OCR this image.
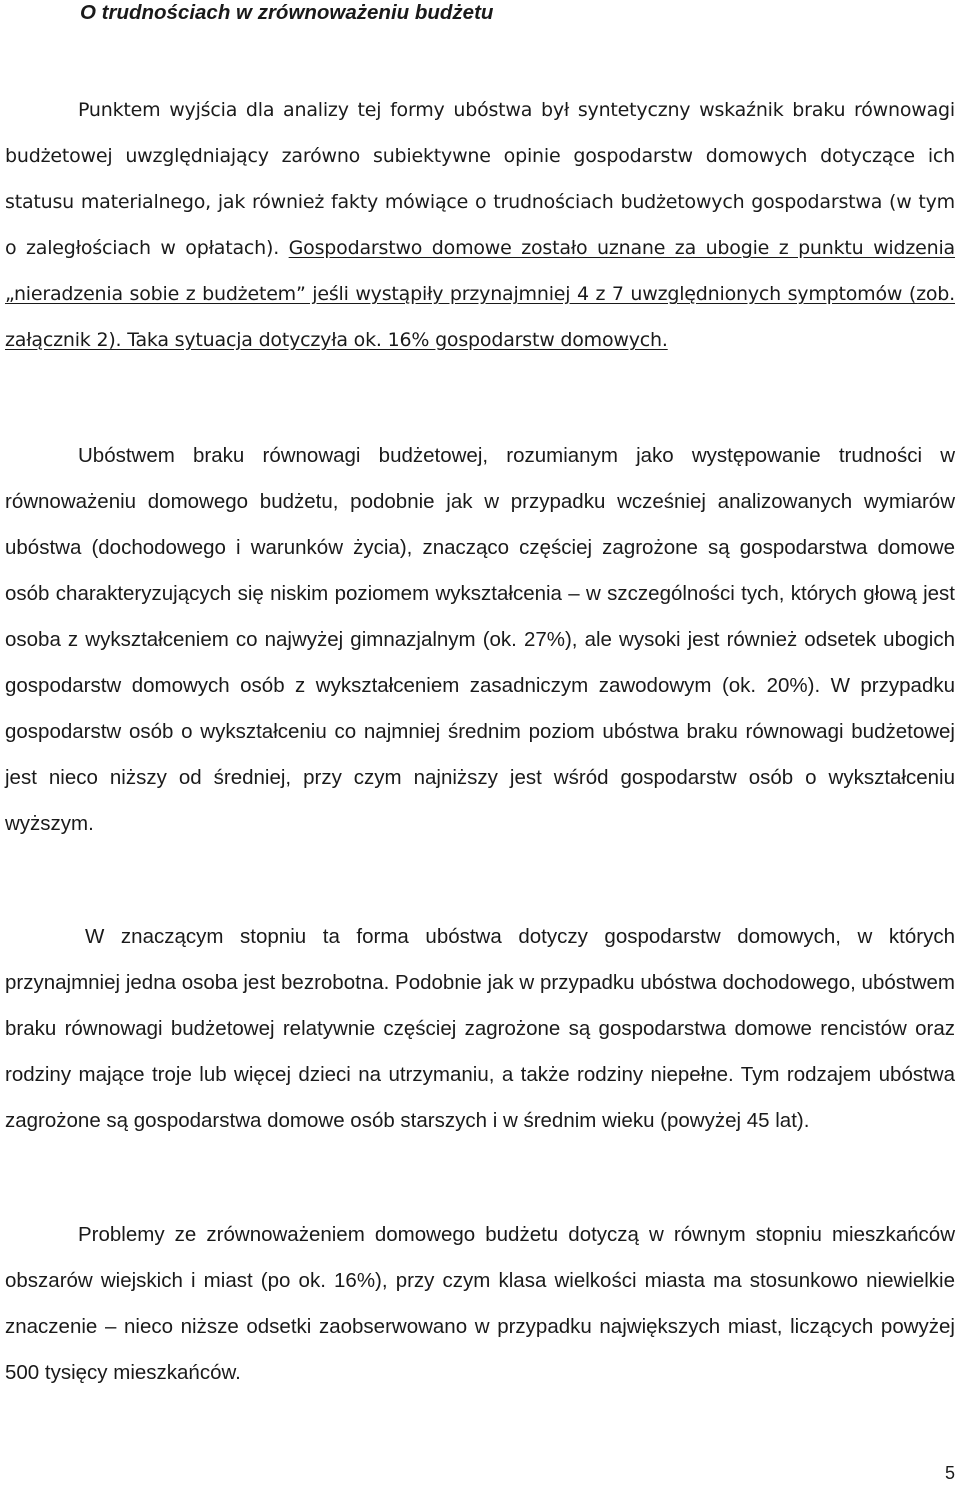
O trudnościach w zrównoważeniu budżetu

Punktem wyjścia dla analizy tej formy ubóstwa był syntetyczny wskaźnik braku równowagi budżetowej uwzględniający zarówno subiektywne opinie gospodarstw domowych dotyczące ich statusu materialnego, jak również fakty mówiące o trudnościach budżetowych gospodarstwa (w tym o zaległościach w opłatach). Gospodarstwo domowe zostało uznane za ubogie z punktu widzenia „nieradzenia sobie z budżetem” jeśli wystąpiły przynajmniej 4 z 7 uwzględnionych symptomów (zob. załącznik 2). Taka sytuacja dotyczyła ok. 16% gospodarstw domowych.

Ubóstwem braku równowagi budżetowej, rozumianym jako występowanie trudności w równoważeniu domowego budżetu, podobnie jak w przypadku wcześniej analizowanych wymiarów ubóstwa (dochodowego i warunków życia), znacząco częściej zagrożone są gospodarstwa domowe osób charakteryzujących się niskim poziomem wykształcenia – w szczególności tych, których głową jest osoba z wykształceniem co najwyżej gimnazjalnym (ok. 27%), ale wysoki jest również odsetek ubogich gospodarstw domowych osób z wykształceniem zasadniczym zawodowym (ok. 20%). W przypadku gospodarstw osób o wykształceniu co najmniej średnim poziom ubóstwa braku równowagi budżetowej jest nieco niższy od średniej, przy czym najniższy jest wśród gospodarstw osób o wykształceniu wyższym.

W znaczącym stopniu ta forma ubóstwa dotyczy gospodarstw domowych, w których przynajmniej jedna osoba jest bezrobotna. Podobnie jak w przypadku ubóstwa dochodowego, ubóstwem braku równowagi budżetowej relatywnie częściej zagrożone są gospodarstwa domowe rencistów oraz rodziny mające troje lub więcej dzieci na utrzymaniu, a także rodziny niepełne. Tym rodzajem ubóstwa zagrożone są gospodarstwa domowe osób starszych i w średnim wieku (powyżej 45 lat).

Problemy ze zrównoważeniem domowego budżetu dotyczą w równym stopniu mieszkańców obszarów wiejskich i miast (po ok. 16%), przy czym klasa wielkości miasta ma stosunkowo niewielkie znaczenie – nieco niższe odsetki zaobserwowano w przypadku największych miast, liczących powyżej 500 tysięcy mieszkańców.

5
